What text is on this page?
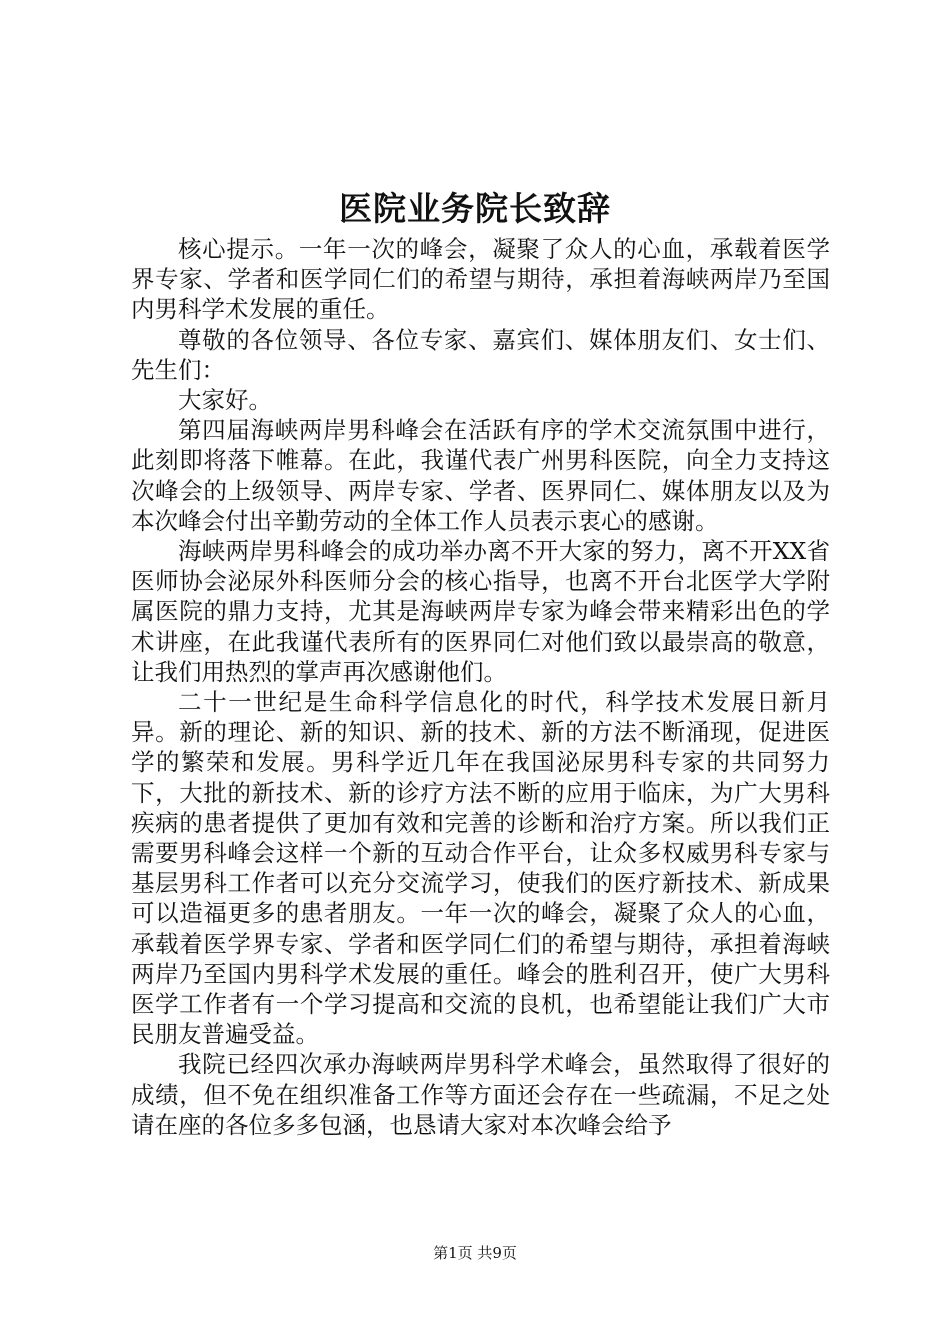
医院业务院长致辞

核心提示。一年一次的峰会，凝聚了众人的心血，承载着医学界专家、学者和医学同仁们的希望与期待，承担着海峡两岸乃至国内男科学术发展的重任。

尊敬的各位领导、各位专家、嘉宾们、媒体朋友们、女士们、先生们：

大家好。

第四届海峡两岸男科峰会在活跃有序的学术交流氛围中进行，此刻即将落下帷幕。在此，我谨代表广州男科医院，向全力支持这次峰会的上级领导、两岸专家、学者、医界同仁、媒体朋友以及为本次峰会付出辛勤劳动的全体工作人员表示衷心的感谢。

海峡两岸男科峰会的成功举办离不开大家的努力，离不开XX省医师协会泌尿外科医师分会的核心指导，也离不开台北医学大学附属医院的鼎力支持，尤其是海峡两岸专家为峰会带来精彩出色的学术讲座，在此我谨代表所有的医界同仁对他们致以最崇高的敬意，让我们用热烈的掌声再次感谢他们。

二十一世纪是生命科学信息化的时代，科学技术发展日新月异。新的理论、新的知识、新的技术、新的方法不断涌现，促进医学的繁荣和发展。男科学近几年在我国泌尿男科专家的共同努力下，大批的新技术、新的诊疗方法不断的应用于临床，为广大男科疾病的患者提供了更加有效和完善的诊断和治疗方案。所以我们正需要男科峰会这样一个新的互动合作平台，让众多权威男科专家与基层男科工作者可以充分交流学习，使我们的医疗新技术、新成果可以造福更多的患者朋友。一年一次的峰会，凝聚了众人的心血，承载着医学界专家、学者和医学同仁们的希望与期待，承担着海峡两岸乃至国内男科学术发展的重任。峰会的胜利召开，使广大男科医学工作者有一个学习提高和交流的良机，也希望能让我们广大市民朋友普遍受益。

我院已经四次承办海峡两岸男科学术峰会，虽然取得了很好的成绩，但不免在组织准备工作等方面还会存在一些疏漏，不足之处请在座的各位多多包涵，也恳请大家对本次峰会给予

第1页 共9页
